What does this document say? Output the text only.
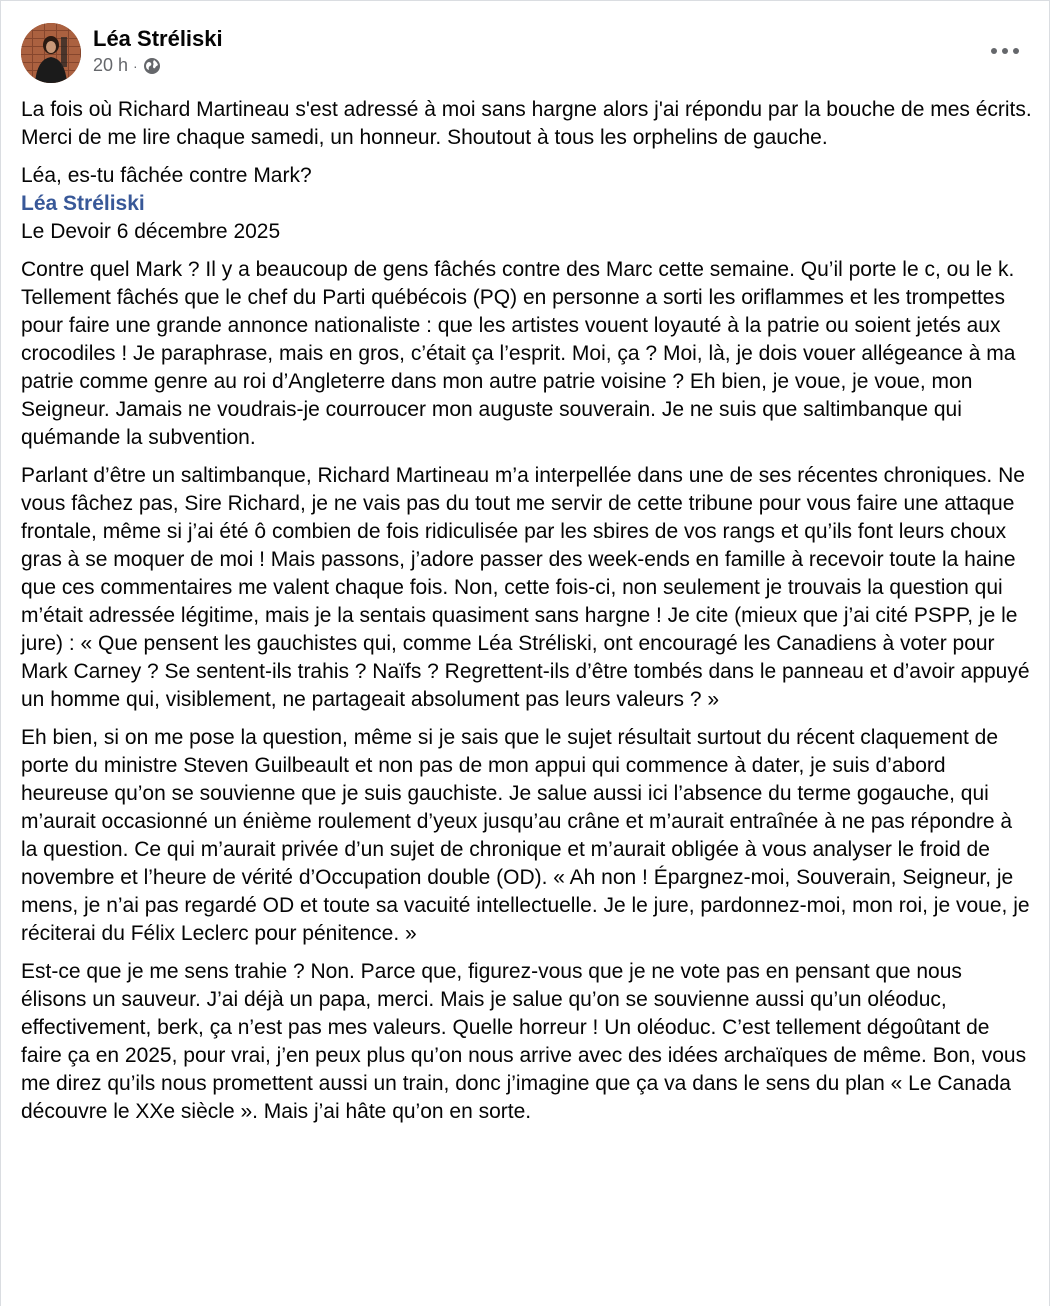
Léa Stréliski
20 h ·

La fois où Richard Martineau s'est adressé à moi sans hargne alors j'ai répondu par la bouche de mes écrits. Merci de me lire chaque samedi, un honneur. Shoutout à tous les orphelins de gauche.

Léa, es-tu fâchée contre Mark?
Léa Stréliski
Le Devoir 6 décembre 2025

Contre quel Mark ? Il y a beaucoup de gens fâchés contre des Marc cette semaine. Qu’il porte le c, ou le k. Tellement fâchés que le chef du Parti québécois (PQ) en personne a sorti les oriflammes et les trompettes pour faire une grande annonce nationaliste : que les artistes vouent loyauté à la patrie ou soient jetés aux crocodiles ! Je paraphrase, mais en gros, c’était ça l’esprit. Moi, ça ? Moi, là, je dois vouer allégeance à ma patrie comme genre au roi d’Angleterre dans mon autre patrie voisine ? Eh bien, je voue, je voue, mon Seigneur. Jamais ne voudrais-je courroucer mon auguste souverain. Je ne suis que saltimbanque qui quémande la subvention.

Parlant d’être un saltimbanque, Richard Martineau m’a interpellée dans une de ses récentes chroniques. Ne vous fâchez pas, Sire Richard, je ne vais pas du tout me servir de cette tribune pour vous faire une attaque frontale, même si j’ai été ô combien de fois ridiculisée par les sbires de vos rangs et qu’ils font leurs choux gras à se moquer de moi ! Mais passons, j’adore passer des week-ends en famille à recevoir toute la haine que ces commentaires me valent chaque fois. Non, cette fois-ci, non seulement je trouvais la question qui m’était adressée légitime, mais je la sentais quasiment sans hargne ! Je cite (mieux que j’ai cité PSPP, je le jure) : « Que pensent les gauchistes qui, comme Léa Stréliski, ont encouragé les Canadiens à voter pour Mark Carney ? Se sentent-ils trahis ? Naïfs ? Regrettent-ils d’être tombés dans le panneau et d’avoir appuyé un homme qui, visiblement, ne partageait absolument pas leurs valeurs ? »

Eh bien, si on me pose la question, même si je sais que le sujet résultait surtout du récent claquement de porte du ministre Steven Guilbeault et non pas de mon appui qui commence à dater, je suis d’abord heureuse qu’on se souvienne que je suis gauchiste. Je salue aussi ici l’absence du terme gogauche, qui m’aurait occasionné un énième roulement d’yeux jusqu’au crâne et m’aurait entraînée à ne pas répondre à la question. Ce qui m’aurait privée d’un sujet de chronique et m’aurait obligée à vous analyser le froid de novembre et l’heure de vérité d’Occupation double (OD). « Ah non ! Épargnez-moi, Souverain, Seigneur, je mens, je n’ai pas regardé OD et toute sa vacuité intellectuelle. Je le jure, pardonnez-moi, mon roi, je voue, je réciterai du Félix Leclerc pour pénitence. »

Est-ce que je me sens trahie ? Non. Parce que, figurez-vous que je ne vote pas en pensant que nous élisons un sauveur. J’ai déjà un papa, merci. Mais je salue qu’on se souvienne aussi qu’un oléoduc, effectivement, berk, ça n’est pas mes valeurs. Quelle horreur ! Un oléoduc. C’est tellement dégoûtant de faire ça en 2025, pour vrai, j’en peux plus qu’on nous arrive avec des idées archaïques de même. Bon, vous me direz qu’ils nous promettent aussi un train, donc j’imagine que ça va dans le sens du plan « Le Canada découvre le XXe siècle ». Mais j’ai hâte qu’on en sorte.
